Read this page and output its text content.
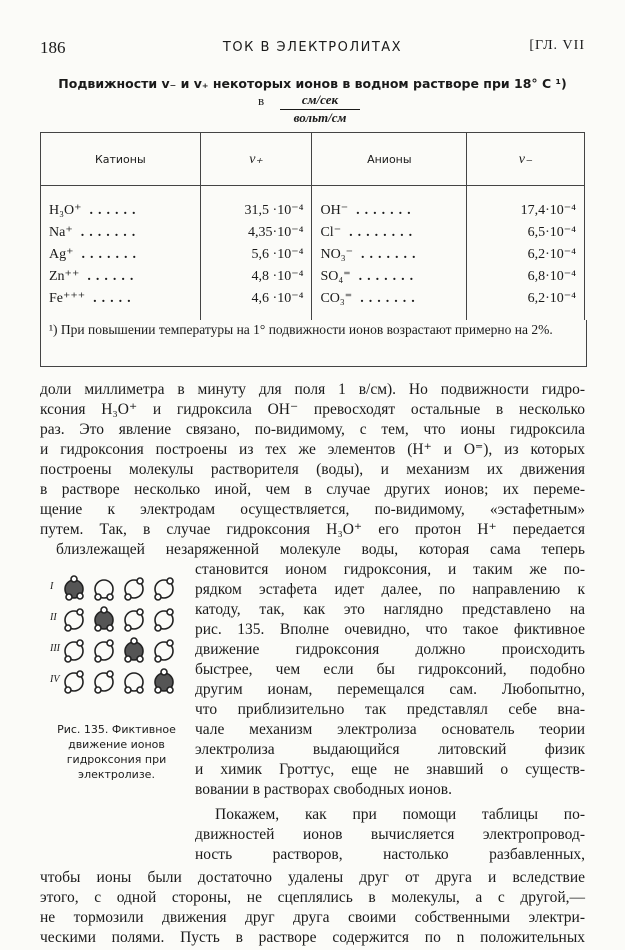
186	ТОК В ЭЛЕКТРОЛИТАХ	[ГЛ. VII
Подвижности v₋ и v₊ некоторых ионов в водном растворе при 18° С ¹)
в	см/сек
вольт/см
Катионы	v₊	Анионы	v₋
H₃O⁺ ......	31,5 ·10⁻⁴	OH⁻ .......	17,4·10⁻⁴
Na⁺ .......	4,35·10⁻⁴	Cl⁻ ........	6,5·10⁻⁴
Ag⁺ .......	5,6 ·10⁻⁴	NO₃⁻ .......	6,2·10⁻⁴
Zn⁺⁺ ......	4,8 ·10⁻⁴	SO₄⁼ .......	6,8·10⁻⁴
Fe⁺⁺⁺ .....	4,6 ·10⁻⁴	CO₃⁼ .......	6,2·10⁻⁴
¹) При повышении температуры на 1° подвижности ионов возрастают примерно на 2%.
доли миллиметра в минуту для поля 1 в/см). Но подвижности гидро-
ксония H₃O⁺ и гидроксила OH⁻ превосходят остальные в несколько
раз. Это явление связано, по-видимому, с тем, что ионы гидроксила
и гидроксония построены из тех же элементов (H⁺ и O⁼), из которых
построены молекулы растворителя (воды), и механизм их движения
в растворе несколько иной, чем в случае других ионов; их переме-
щение к электродам осуществляется, по-видимому, «эстафетным»
путем. Так, в случае гидроксония H₃O⁺ его протон H⁺ передается
близлежащей незаряженной молекуле воды, которая сама теперь
становится ионом гидроксония, и таким же по-
рядком эстафета идет далее, по направлению к
катоду, так, как это наглядно представлено на
рис. 135. Вполне очевидно, что такое фиктивное
движение гидроксония должно происходить
быстрее, чем если бы гидроксоний, подобно
другим ионам, перемещался сам. Любопытно,
что приблизительно так представлял себе вна-
чале механизм электролиза основатель теории
электролиза выдающийся литовский физик
и химик Гроттус, еще не знавший о существ-
вовании в растворах свободных ионов.
Покажем, как при помощи таблицы по-
движностей ионов вычисляется электропровод-
ность растворов, настолько разбавленных,
чтобы ионы были достаточно удалены друг от друга и вследствие
этого, с одной стороны, не сцеплялись в молекулы, а с другой,—
не тормозили движения друг друга своими собственными электри-
ческими полями. Пусть в растворе содержится по n положительных
I
II
III
IV
Рис. 135. Фиктивное движение ионов гидроксония при электролизе.
